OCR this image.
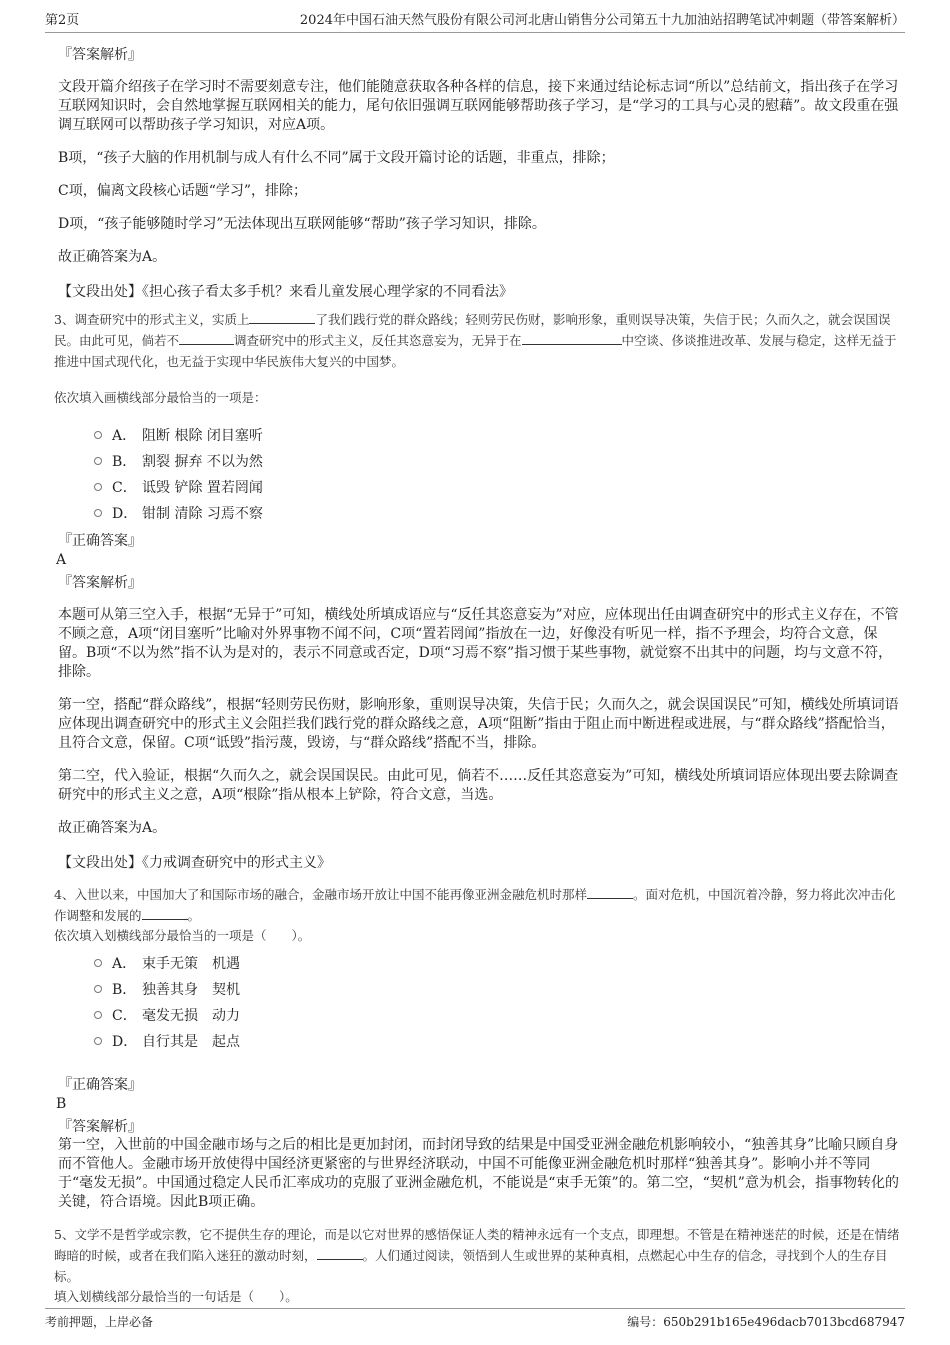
第2页	2024年中国石油天然气股份有限公司河北唐山销售分公司第五十九加油站招聘笔试冲刺题（带答案解析）
『答案解析』

文段开篇介绍孩子在学习时不需要刻意专注，他们能随意获取各种各样的信息，接下来通过结论标志词“所以”总结前文，指出孩子在学习互联网知识时，会自然地掌握互联网相关的能力，尾句依旧强调互联网能够帮助孩子学习，是“学习的工具与心灵的慰藉”。故文段重在强调互联网可以帮助孩子学习知识，对应A项。

B项，“孩子大脑的作用机制与成人有什么不同”属于文段开篇讨论的话题，非重点，排除；

C项，偏离文段核心话题“学习”，排除；

D项，“孩子能够随时学习”无法体现出互联网能够“帮助”孩子学习知识，排除。

故正确答案为A。

【文段出处】《担心孩子看太多手机？来看儿童发展心理学家的不同看法》

3、调查研究中的形式主义，实质上	了我们践行党的群众路线；轻则劳民伤财，影响形象，重则误导决策，失信于民；久而久之，就会误国误民。由此可见，倘若不	调查研究中的形式主义，反任其恣意妄为，无异于在	中空谈、侈谈推进改革、发展与稳定，这样无益于推进中国式现代化，也无益于实现中华民族伟大复兴的中国梦。

依次填入画横线部分最恰当的一项是：

A． 阻断 根除 闭目塞听
B． 割裂 摒弃 不以为然
C． 诋毁 铲除 置若罔闻
D． 钳制 清除 习焉不察
『正确答案』
A
『答案解析』

本题可从第三空入手，根据“无异于”可知，横线处所填成语应与“反任其恣意妄为”对应，应体现出任由调查研究中的形式主义存在，不管不顾之意，A项“闭目塞听”比喻对外界事物不闻不问，C项“置若罔闻”指放在一边，好像没有听见一样，指不予理会，均符合文意，保留。B项“不以为然”指不认为是对的，表示不同意或否定，D项“习焉不察”指习惯于某些事物，就觉察不出其中的问题，均与文意不符，排除。

第一空，搭配“群众路线”，根据“轻则劳民伤财，影响形象，重则误导决策，失信于民；久而久之，就会误国误民”可知，横线处所填词语应体现出调查研究中的形式主义会阻拦我们践行党的群众路线之意，A项“阻断”指由于阻止而中断进程或进展，与“群众路线”搭配恰当，且符合文意，保留。C项“诋毁”指污蔑，毁谤，与“群众路线”搭配不当，排除。

第二空，代入验证，根据“久而久之，就会误国误民。由此可见，倘若不……反任其恣意妄为”可知，横线处所填词语应体现出要去除调查研究中的形式主义之意，A项“根除”指从根本上铲除，符合文意，当选。

故正确答案为A。

【文段出处】《力戒调查研究中的形式主义》

4、入世以来，中国加大了和国际市场的融合，金融市场开放让中国不能再像亚洲金融危机时那样	。面对危机，中国沉着冷静，努力将此次冲击化作调整和发展的	。

依次填入划横线部分最恰当的一项是（　　）。

A． 束手无策　机遇
B． 独善其身　契机
C． 毫发无损　动力
D． 自行其是　起点
『正确答案』
B
『答案解析』

第一空，入世前的中国金融市场与之后的相比是更加封闭，而封闭导致的结果是中国受亚洲金融危机影响较小，“独善其身”比喻只顾自身而不管他人。金融市场开放使得中国经济更紧密的与世界经济联动，中国不可能像亚洲金融危机时那样“独善其身”。影响小并不等同于“毫发无损”。中国通过稳定人民币汇率成功的克服了亚洲金融危机，不能说是“束手无策”的。第二空，“契机”意为机会，指事物转化的关键，符合语境。因此B项正确。

5、文学不是哲学或宗教，它不提供生存的理论，而是以它对世界的感悟保证人类的精神永远有一个支点，即理想。不管是在精神迷茫的时候，还是在情绪晦暗的时候，或者在我们陷入迷狂的激动时刻，	。人们通过阅读，领悟到人生或世界的某种真相，点燃起心中生存的信念，寻找到个人的生存目标。

填入划横线部分最恰当的一句话是（　　）。

考前押题，上岸必备	编号：650b291b165e496dacb7013bcd687947
